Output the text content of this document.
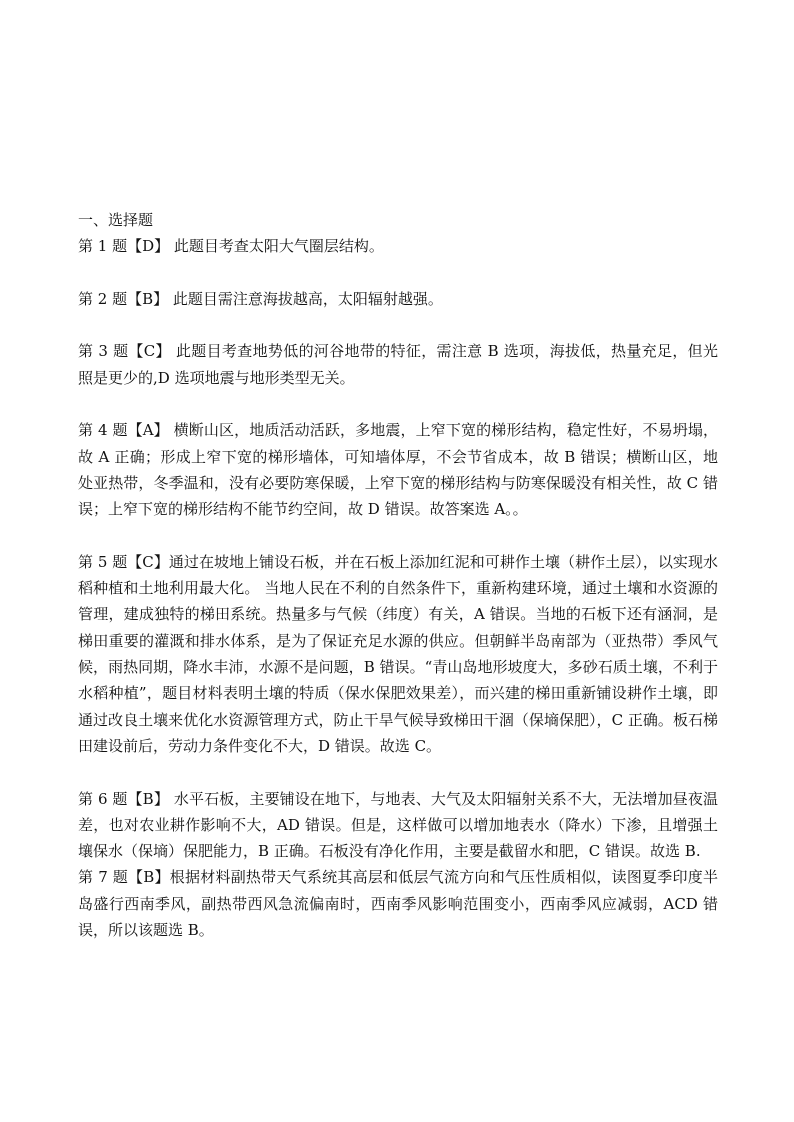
一、选择题

第 1 题【D】 此题目考查太阳大气圈层结构。

第 2 题【B】 此题目需注意海拔越高，太阳辐射越强。

第 3 题【C】 此题目考查地势低的河谷地带的特征，需注意 B 选项，海拔低，热量充足，但光照是更少的,D 选项地震与地形类型无关。

第 4 题【A】 横断山区，地质活动活跃，多地震，上窄下宽的梯形结构，稳定性好，不易坍塌，故 A 正确；形成上窄下宽的梯形墙体，可知墙体厚，不会节省成本，故 B 错误；横断山区，地处亚热带，冬季温和，没有必要防寒保暖，上窄下宽的梯形结构与防寒保暖没有相关性，故 C 错误；上窄下宽的梯形结构不能节约空间，故 D 错误。故答案选 A。。

第 5 题【C】通过在坡地上铺设石板，并在石板上添加红泥和可耕作土壤（耕作土层），以实现水稻种植和土地利用最大化。 当地人民在不利的自然条件下，重新构建环境，通过土壤和水资源的管理，建成独特的梯田系统。热量多与气候（纬度）有关，A 错误。当地的石板下还有涵洞，是梯田重要的灌溉和排水体系，是为了保证充足水源的供应。但朝鲜半岛南部为（亚热带）季风气候，雨热同期，降水丰沛，水源不是问题，B 错误。“青山岛地形坡度大，多砂石质土壤，不利于水稻种植”，题目材料表明土壤的特质（保水保肥效果差），而兴建的梯田重新铺设耕作土壤，即通过改良土壤来优化水资源管理方式，防止干旱气候导致梯田干涸（保墒保肥），C 正确。板石梯田建设前后，劳动力条件变化不大，D 错误。故选 C。

第 6 题【B】 水平石板，主要铺设在地下，与地表、大气及太阳辐射关系不大，无法增加昼夜温差，也对农业耕作影响不大，AD 错误。但是，这样做可以增加地表水（降水）下渗，且增强土壤保水（保墒）保肥能力，B 正确。石板没有净化作用，主要是截留水和肥，C 错误。故选 B.

第 7 题【B】根据材料副热带天气系统其高层和低层气流方向和气压性质相似，读图夏季印度半岛盛行西南季风，副热带西风急流偏南时，西南季风影响范围变小，西南季风应减弱，ACD 错误，所以该题选 B。
